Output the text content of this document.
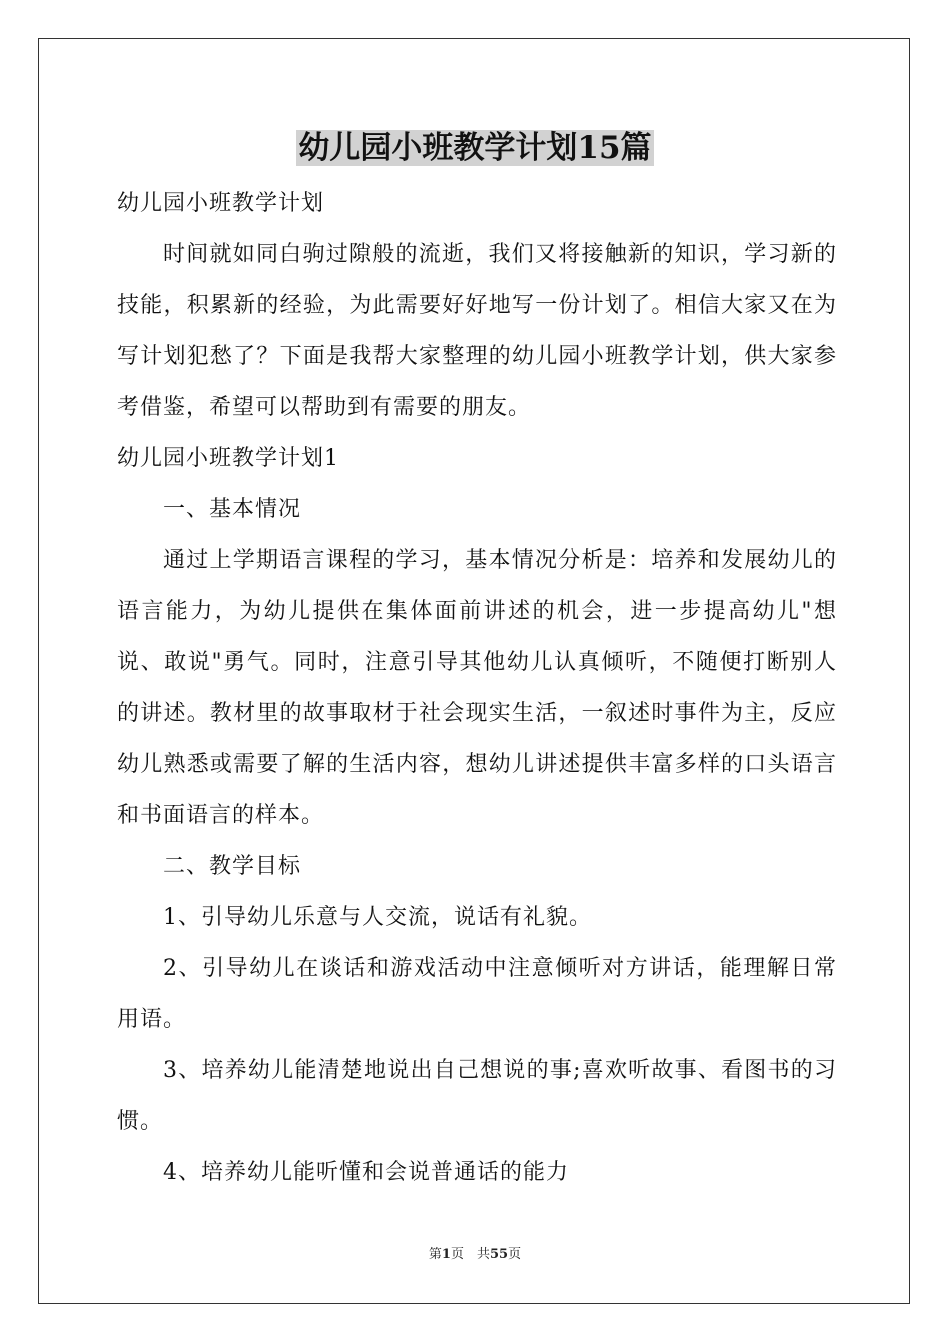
幼儿园小班教学计划15篇

幼儿园小班教学计划

时间就如同白驹过隙般的流逝，我们又将接触新的知识，学习新的技能，积累新的经验，为此需要好好地写一份计划了。相信大家又在为写计划犯愁了？下面是我帮大家整理的幼儿园小班教学计划，供大家参考借鉴，希望可以帮助到有需要的朋友。

幼儿园小班教学计划1

一、基本情况

通过上学期语言课程的学习，基本情况分析是：培养和发展幼儿的语言能力，为幼儿提供在集体面前讲述的机会，进一步提高幼儿"想说、敢说"勇气。同时，注意引导其他幼儿认真倾听，不随便打断别人的讲述。教材里的故事取材于社会现实生活，一叙述时事件为主，反应幼儿熟悉或需要了解的生活内容，想幼儿讲述提供丰富多样的口头语言和书面语言的样本。

二、教学目标

1、引导幼儿乐意与人交流，说话有礼貌。

2、引导幼儿在谈话和游戏活动中注意倾听对方讲话，能理解日常用语。

3、培养幼儿能清楚地说出自己想说的事;喜欢听故事、看图书的习惯。

4、培养幼儿能听懂和会说普通话的能力

第1页　共55页
